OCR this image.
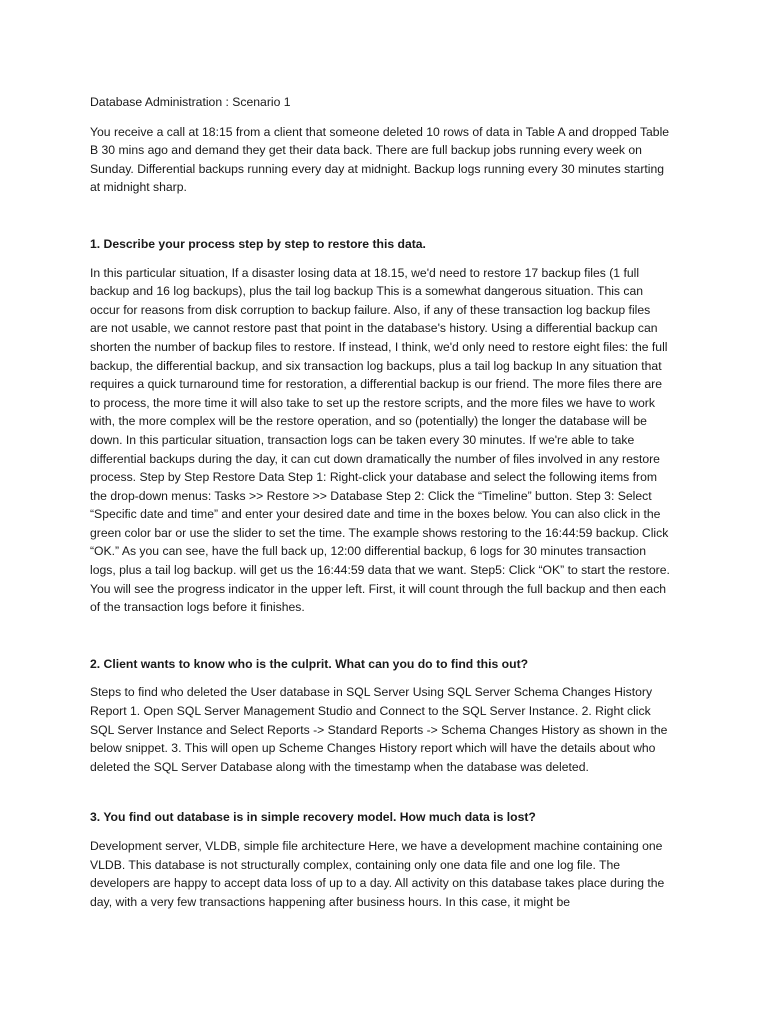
Database Administration : Scenario 1

You receive a call at 18:15 from a client that someone deleted 10 rows of data in Table A and dropped Table B 30 mins ago and demand they get their data back. There are full backup jobs running every week on Sunday. Differential backups running every day at midnight. Backup logs running every 30 minutes starting at midnight sharp.

1. Describe your process step by step to restore this data.

In this particular situation, If a disaster losing data at 18.15, we'd need to restore 17 backup files (1 full backup and 16 log backups), plus the tail log backup This is a somewhat dangerous situation. This can occur for reasons from disk corruption to backup failure. Also, if any of these transaction log backup files are not usable, we cannot restore past that point in the database's history. Using a differential backup can shorten the number of backup files to restore. If instead, I think, we'd only need to restore eight files: the full backup, the differential backup, and six transaction log backups, plus a tail log backup In any situation that requires a quick turnaround time for restoration, a differential backup is our friend. The more files there are to process, the more time it will also take to set up the restore scripts, and the more files we have to work with, the more complex will be the restore operation, and so (potentially) the longer the database will be down. In this particular situation, transaction logs can be taken every 30 minutes. If we're able to take differential backups during the day, it can cut down dramatically the number of files involved in any restore process. Step by Step Restore Data Step 1: Right-click your database and select the following items from the drop-down menus: Tasks >> Restore >> Database Step 2: Click the “Timeline” button. Step 3: Select “Specific date and time” and enter your desired date and time in the boxes below. You can also click in the green color bar or use the slider to set the time. The example shows restoring to the 16:44:59 backup. Click “OK.” As you can see, have the full back up, 12:00 differential backup, 6 logs for 30 minutes transaction logs, plus a tail log backup. will get us the 16:44:59 data that we want. Step5: Click “OK” to start the restore. You will see the progress indicator in the upper left. First, it will count through the full backup and then each of the transaction logs before it finishes.

2. Client wants to know who is the culprit. What can you do to find this out?

Steps to find who deleted the User database in SQL Server Using SQL Server Schema Changes History Report 1. Open SQL Server Management Studio and Connect to the SQL Server Instance. 2. Right click SQL Server Instance and Select Reports -> Standard Reports -> Schema Changes History as shown in the below snippet. 3. This will open up Scheme Changes History report which will have the details about who deleted the SQL Server Database along with the timestamp when the database was deleted.

3. You find out database is in simple recovery model. How much data is lost?

Development server, VLDB, simple file architecture Here, we have a development machine containing one VLDB. This database is not structurally complex, containing only one data file and one log file. The developers are happy to accept data loss of up to a day. All activity on this database takes place during the day, with a very few transactions happening after business hours. In this case, it might be
